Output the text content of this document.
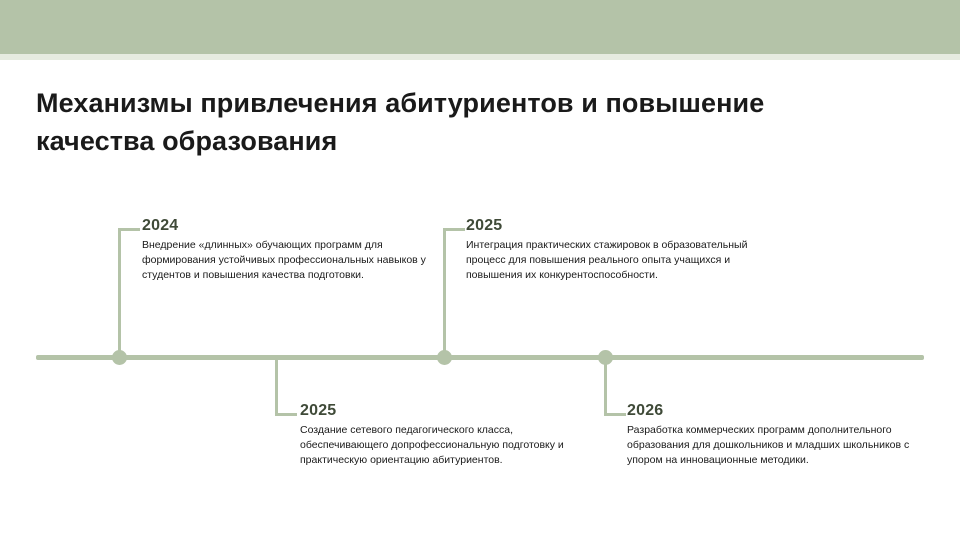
Механизмы привлечения абитуриентов и повышение качества образования

2024

Внедрение «длинных» обучающих программ для формирования устойчивых профессиональных навыков у студентов и повышения качества подготовки.

2025

Создание сетевого педагогического класса, обеспечивающего допрофессиональную подготовку и практическую ориентацию абитуриентов.

2025

Интеграция практических стажировок в образовательный процесс для повышения реального опыта учащихся и повышения их конкурентоспособности.

2026

Разработка коммерческих программ дополнительного образования для дошкольников и младших школьников с упором на инновационные методики.
